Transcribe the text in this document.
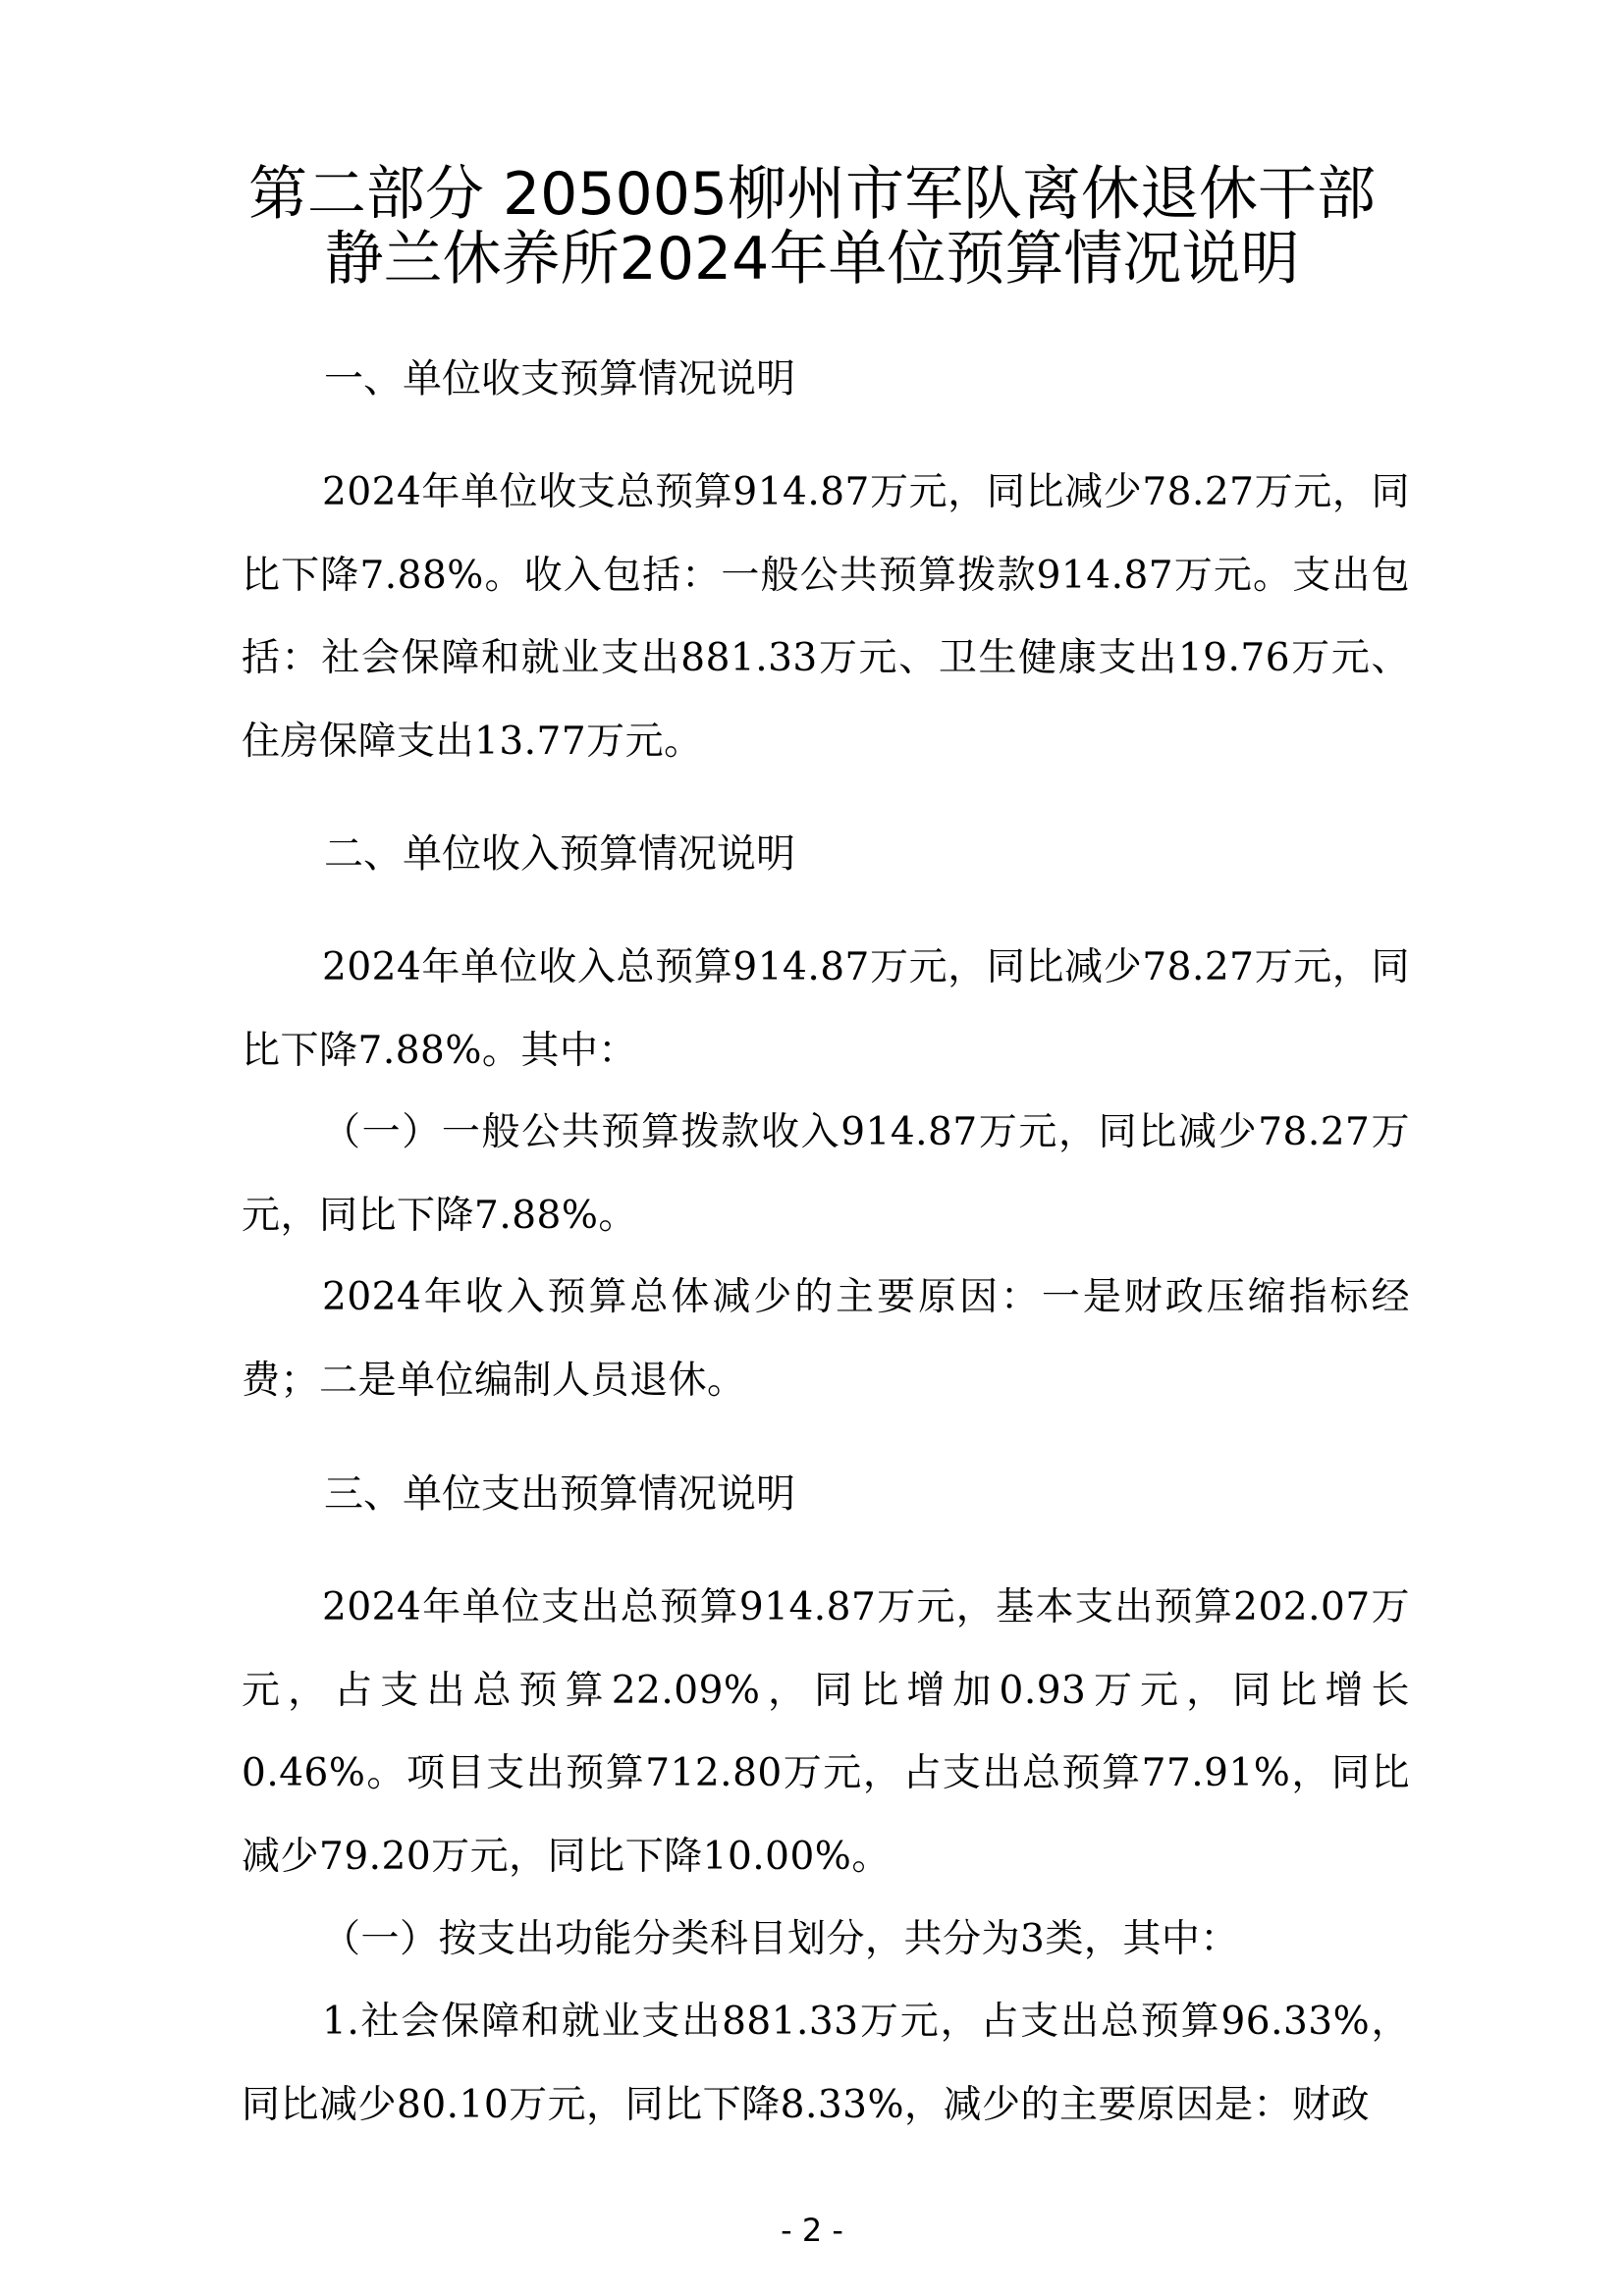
第二部分 205005柳州市军队离休退休干部
静兰休养所2024年单位预算情况说明
一、单位收支预算情况说明

2024年单位收支总预算914.87万元，同比减少78.27万元，同比下降7.88%。收入包括：一般公共预算拨款914.87万元。支出包括：社会保障和就业支出881.33万元、卫生健康支出19.76万元、住房保障支出13.77万元。

二、单位收入预算情况说明

2024年单位收入总预算914.87万元，同比减少78.27万元，同比下降7.88%。其中：

（一）一般公共预算拨款收入914.87万元，同比减少78.27万元，同比下降7.88%。

2024年收入预算总体减少的主要原因：一是财政压缩指标经费；二是单位编制人员退休。

三、单位支出预算情况说明

2024年单位支出总预算914.87万元，基本支出预算202.07万元，占支出总预算22.09%，同比增加0.93万元，同比增长0.46%。项目支出预算712.80万元，占支出总预算77.91%，同比减少79.20万元，同比下降10.00%。

（一）按支出功能分类科目划分，共分为3类，其中：

1.社会保障和就业支出881.33万元，占支出总预算96.33%，同比减少80.10万元，同比下降8.33%，减少的主要原因是：财政

- 2 -
